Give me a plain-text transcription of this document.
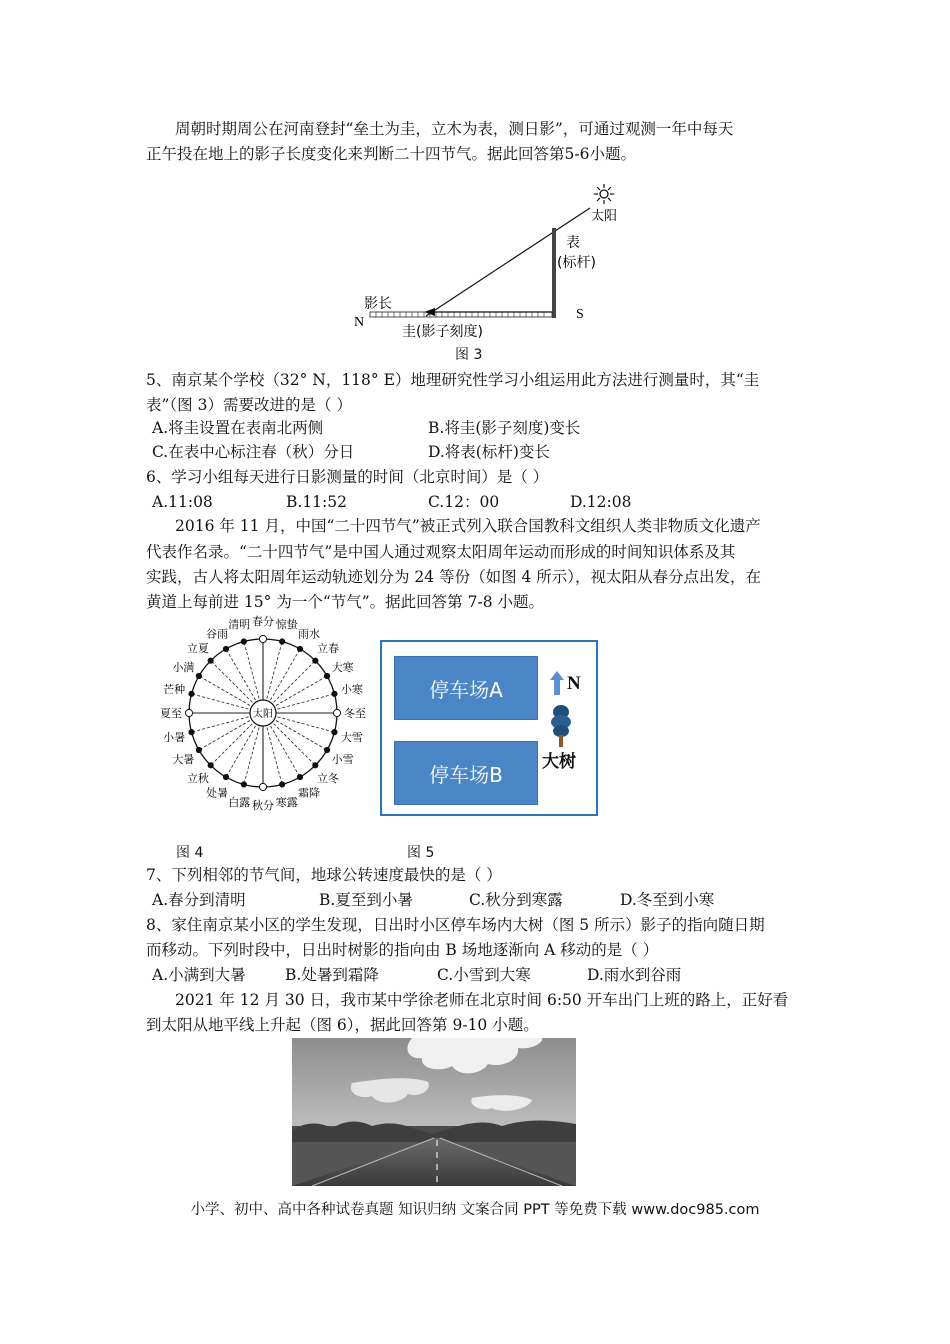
周朝时期周公在河南登封“垒土为圭，立木为表，测日影”，可通过观测一年中每天
正午投在地上的影子长度变化来判断二十四节气。据此回答第5-6小题。
太阳
表
(标杆)
影长
N
S
圭(影子刻度)
图 3
5、南京某个学校（32° N，118° E）地理研究性学习小组运用此方法进行测量时，其“圭
表”（图 3）需要改进的是（ ）
A.将圭设置在表南北两侧	B.将圭(影子刻度)变长
C.在表中心标注春（秋）分日	D.将表(标杆)变长
6、学习小组每天进行日影测量的时间（北京时间）是（ ）
A.11:08	B.11:52	C.12：00	D.12:08
2016 年 11 月，中国“二十四节气”被正式列入联合国教科文组织人类非物质文化遗产
代表作名录。“二十四节气”是中国人通过观察太阳周年运动而形成的时间知识体系及其
实践，古人将太阳周年运动轨迹划分为 24 等份（如图 4 所示），视太阳从春分点出发，在
黄道上每前进 15° 为一个“节气”。据此回答第 7-8 小题。
太阳
春分 惊蛰
雨水
立春
大寒
小寒
冬至
大雪
小雪
立冬
霜降
寒露
秋分
白露
处暑
立秋
大暑
小暑
夏至
芒种
小满
立夏
谷雨
清明
图 4
停车场A
停车场B
N
大树
图 5
7、下列相邻的节气间，地球公转速度最快的是（ ）
A.春分到清明	B.夏至到小暑	C.秋分到寒露	D.冬至到小寒
8、家住南京某小区的学生发现，日出时小区停车场内大树（图 5 所示）影子的指向随日期
而移动。下列时段中，日出时树影的指向由 B 场地逐渐向 A 移动的是（ ）
A.小满到大暑	B.处暑到霜降	C.小雪到大寒	D.雨水到谷雨
2021 年 12 月 30 日，我市某中学徐老师在北京时间 6:50 开车出门上班的路上，正好看
到太阳从地平线上升起（图 6），据此回答第 9-10 小题。
小学、初中、高中各种试卷真题 知识归纳 文案合同 PPT 等免费下载 www.doc985.com
